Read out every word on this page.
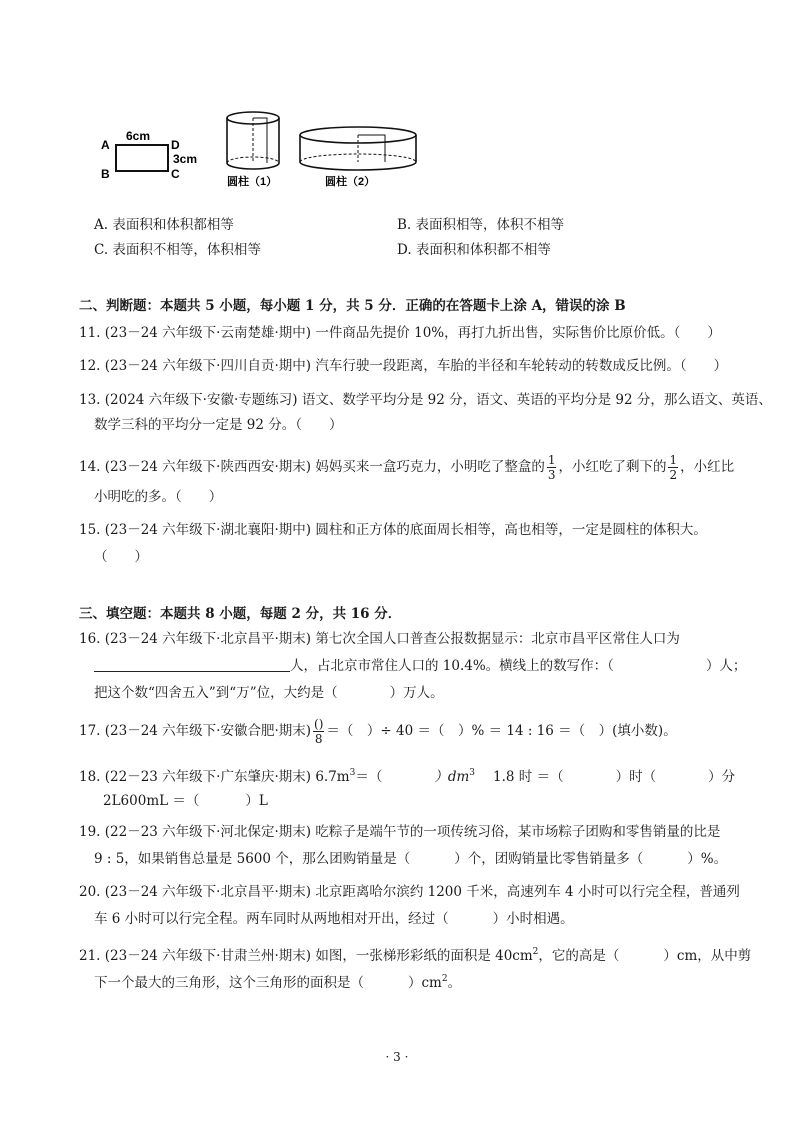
6cm
A
B
D
C
3cm
圆柱（1）	圆柱（2）
A. 表面积和体积都相等	B. 表面积相等，体积不相等
C. 表面积不相等，体积相等	D. 表面积和体积都不相等
二、判断题：本题共 5 小题，每小题 1 分，共 5 分．正确的在答题卡上涂 A，错误的涂 B
11. (23－24 六年级下·云南楚雄·期中) 一件商品先提价 10%，再打九折出售，实际售价比原价低。（　　）
12. (23－24 六年级下·四川自贡·期中) 汽车行驶一段距离，车胎的半径和车轮转动的转数成反比例。（　　）
13. (2024 六年级下·安徽·专题练习) 语文、数学平均分是 92 分，语文、英语的平均分是 92 分，那么语文、英语、
数学三科的平均分一定是 92 分。（　　）
14. (23－24 六年级下·陕西西安·期末) 妈妈买来一盒巧克力，小明吃了整盒的 $\frac{1}{3}$ ，小红吃了剩下的 $\frac{1}{2}$ ，小红比
小明吃的多。（　　）
15. (23－24 六年级下·湖北襄阳·期中) 圆柱和正方体的底面周长相等，高也相等，一定是圆柱的体积大。
（　　）
三、填空题：本题共 8 小题，每题 2 分，共 16 分．
16. (23－24 六年级下·北京昌平·期末) 第七次全国人口普查公报数据显示：北京市昌平区常住人口为
人，占北京市常住人口的 10.4%。横线上的数写作：（	）人；
把这个数“四舍五入”到“万”位，大约是（	）万人。
17. (23－24 六年级下·安徽合肥·期末) $\frac{()}{8}$ ＝（　）÷ 40 ＝（　）% ＝ 14 : 16 ＝（　）(填小数)。
18. (22－23 六年级下·广东肇庆·期末) $6.7m^3=$（	）$dm^3$ 1.8 时 ＝（	）时（	）分
2L600mL ＝（	）L
19. (22－23 六年级下·河北保定·期末) 吃粽子是端午节的一项传统习俗，某市场粽子团购和零售销量的比是
9 : 5，如果销售总量是 5600 个，那么团购销量是（	）个，团购销量比零售销量多（	）%。
20. (23－24 六年级下·北京昌平·期末) 北京距离哈尔滨约 1200 千米，高速列车 4 小时可以行完全程，普通列
车 6 小时可以行完全程。两车同时从两地相对开出，经过（	）小时相遇。
21. (23－24 六年级下·甘肃兰州·期末) 如图，一张梯形彩纸的面积是 $40cm^2$，它的高是（	）cm，从中剪
下一个最大的三角形，这个三角形的面积是（	）$cm^2$。
· 3 ·
